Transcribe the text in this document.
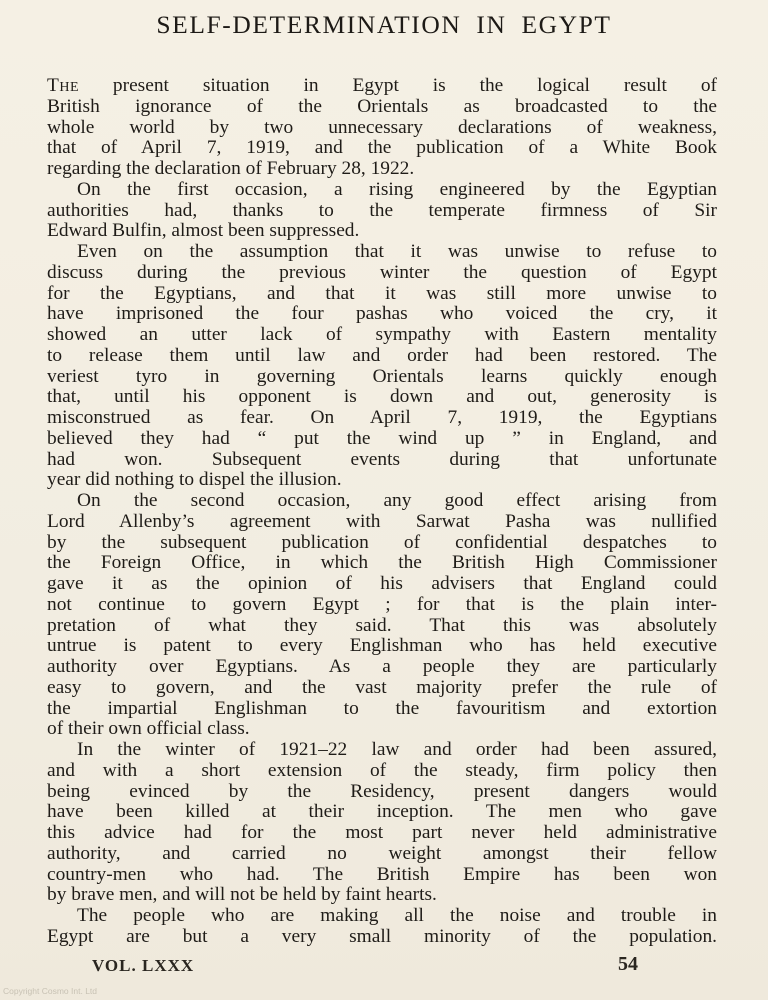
SELF-DETERMINATION IN EGYPT
The present situation in Egypt is the logical result of
British ignorance of the Orientals as broadcasted to the
whole world by two unnecessary declarations of weakness,
that of April 7, 1919, and the publication of a White Book
regarding the declaration of February 28, 1922.
On the first occasion, a rising engineered by the Egyptian
authorities had, thanks to the temperate firmness of Sir
Edward Bulfin, almost been suppressed.
Even on the assumption that it was unwise to refuse to
discuss during the previous winter the question of Egypt
for the Egyptians, and that it was still more unwise to
have imprisoned the four pashas who voiced the cry, it
showed an utter lack of sympathy with Eastern mentality
to release them until law and order had been restored. The
veriest tyro in governing Orientals learns quickly enough
that, until his opponent is down and out, generosity is
misconstrued as fear. On April 7, 1919, the Egyptians
believed they had “ put the wind up ” in England, and
had won. Subsequent events during that unfortunate
year did nothing to dispel the illusion.
On the second occasion, any good effect arising from
Lord Allenby’s agreement with Sarwat Pasha was nullified
by the subsequent publication of confidential despatches to
the Foreign Office, in which the British High Commissioner
gave it as the opinion of his advisers that England could
not continue to govern Egypt ; for that is the plain inter-
pretation of what they said. That this was absolutely
untrue is patent to every Englishman who has held executive
authority over Egyptians. As a people they are particularly
easy to govern, and the vast majority prefer the rule of
the impartial Englishman to the favouritism and extortion
of their own official class.
In the winter of 1921–22 law and order had been assured,
and with a short extension of the steady, firm policy then
being evinced by the Residency, present dangers would
have been killed at their inception. The men who gave
this advice had for the most part never held administrative
authority, and carried no weight amongst their fellow
country-men who had. The British Empire has been won
by brave men, and will not be held by faint hearts.
The people who are making all the noise and trouble in
Egypt are but a very small minority of the population.
VOL. LXXX	54
Copyright Cosmo Int. Ltd
